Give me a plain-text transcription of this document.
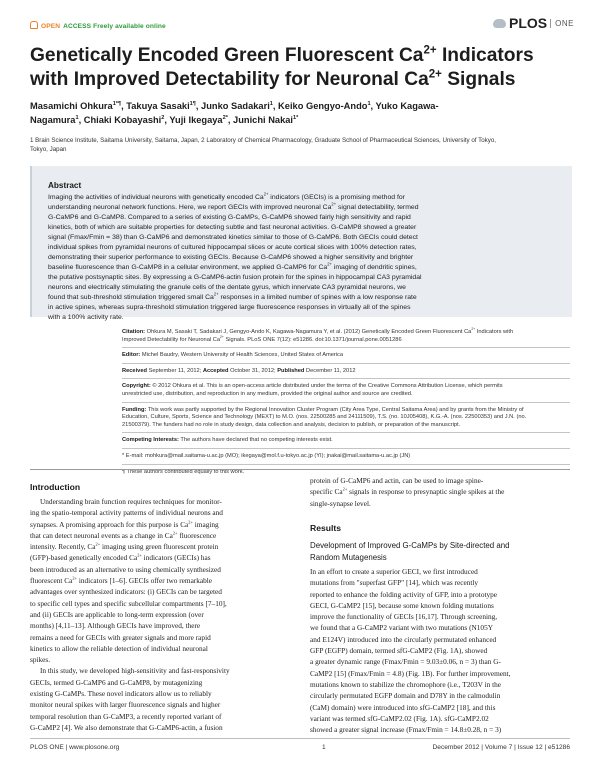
OPEN ACCESS Freely available online	PLOS	ONE
Genetically Encoded Green Fluorescent $Ca^{2+}$ Indicators
with Improved Detectability for Neuronal $Ca^{2+}$ Signals
Masamichi Ohkura$^{1*\P}$, Takuya Sasaki$^{1\P}$, Junko Sadakari$^1$, Keiko Gengyo-Ando$^1$, Yuko Kagawa-
Nagamura$^1$, Chiaki Kobayashi$^2$, Yuji Ikegaya$^{2*}$, Junichi Nakai$^{1*}$
1 Brain Science Institute, Saitama University, Saitama, Japan, 2 Laboratory of Chemical Pharmacology, Graduate School of Pharmaceutical Sciences, University of Tokyo,
Tokyo, Japan
Abstract
Imaging the activities of individual neurons with genetically encoded $Ca^{2+}$ indicators (GECIs) is a promising method for
understanding neuronal network functions. Here, we report GECIs with improved neuronal $Ca^{2+}$ signal detectability, termed
G-CaMP6 and G-CaMP8. Compared to a series of existing G-CaMPs, G-CaMP6 showed fairly high sensitivity and rapid
kinetics, both of which are suitable properties for detecting subtle and fast neuronal activities. G-CaMP8 showed a greater
signal (Fmax/Fmin = 38) than G-CaMP6 and demonstrated kinetics similar to those of G-CaMP6. Both GECIs could detect
individual spikes from pyramidal neurons of cultured hippocampal slices or acute cortical slices with 100% detection rates,
demonstrating their superior performance to existing GECIs. Because G-CaMP6 showed a higher sensitivity and brighter
baseline fluorescence than G-CaMP8 in a cellular environment, we applied G-CaMP6 for $Ca^{2+}$ imaging of dendritic spines,
the putative postsynaptic sites. By expressing a G-CaMP6-actin fusion protein for the spines in hippocampal CA3 pyramidal
neurons and electrically stimulating the granule cells of the dentate gyrus, which innervate CA3 pyramidal neurons, we
found that sub-threshold stimulation triggered small $Ca^{2+}$ responses in a limited number of spines with a low response rate
in active spines, whereas supra-threshold stimulation triggered large fluorescence responses in virtually all of the spines
with a 100% activity rate.
Citation: Ohkura M, Sasaki T, Sadakari J, Gengyo-Ando K, Kagawa-Nagamura Y, et al. (2012) Genetically Encoded Green Fluorescent $Ca^{2+}$ Indicators with
Improved Detectability for Neuronal $Ca^{2+}$ Signals. PLoS ONE 7(12): e51286. doi:10.1371/journal.pone.0051286
Editor: Michel Baudry, Western University of Health Sciences, United States of America
Received September 11, 2012; Accepted October 31, 2012; Published December 11, 2012
Copyright: © 2012 Ohkura et al. This is an open-access article distributed under the terms of the Creative Commons Attribution License, which permits
unrestricted use, distribution, and reproduction in any medium, provided the original author and source are credited.
Funding: This work was partly supported by the Regional Innovation Cluster Program (City Area Type, Central Saitama Area) and by grants from the Ministry of
Education, Culture, Sports, Science and Technology (MEXT) to M.O. (nos. 22500285 and 24111509), T.S. (no. 10J05408), K.G.-A. (nos. 22500353) and J.N. (no.
21500379). The funders had no role in study design, data collection and analysis, decision to publish, or preparation of the manuscript.
Competing Interests: The authors have declared that no competing interests exist.
* E-mail: mohkura@mail.saitama-u.ac.jp (MO); ikegaya@mol.f.u-tokyo.ac.jp (YI); jnakai@mail.saitama-u.ac.jp (JN)
¶ These authors contributed equally to this work.
Introduction
Understanding brain function requires techniques for monitor-
ing the spatio-temporal activity patterns of individual neurons and
synapses. A promising approach for this purpose is $Ca^{2+}$ imaging
that can detect neuronal events as a change in $Ca^{2+}$ fluorescence
intensity. Recently, $Ca^{2+}$ imaging using green fluorescent protein
(GFP)-based genetically encoded $Ca^{2+}$ indicators (GECIs) has
been introduced as an alternative to using chemically synthesized
fluorescent $Ca^{2+}$ indicators [1–6]. GECIs offer two remarkable
advantages over synthesized indicators: (i) GECIs can be targeted
to specific cell types and specific subcellular compartments [7–10],
and (ii) GECIs are applicable to long-term expression (over
months) [4,11–13]. Although GECIs have improved, there
remains a need for GECIs with greater signals and more rapid
kinetics to allow the reliable detection of individual neuronal
spikes.
In this study, we developed high-sensitivity and fast-responsivity
GECIs, termed G-CaMP6 and G-CaMP8, by mutagenizing
existing G-CaMPs. These novel indicators allow us to reliably
monitor neural spikes with larger fluorescence signals and higher
temporal resolution than G-CaMP3, a recently reported variant of
G-CaMP2 [4]. We also demonstrate that G-CaMP6-actin, a fusion
protein of G-CaMP6 and actin, can be used to image spine-
specific $Ca^{2+}$ signals in response to presynaptic single spikes at the
single-synapse level.
Results
Development of Improved G-CaMPs by Site-directed and
Random Mutagenesis
In an effort to create a superior GECI, we first introduced
mutations from "superfast GFP" [14], which was recently
reported to enhance the folding activity of GFP, into a prototype
GECI, G-CaMP2 [15], because some known folding mutations
improve the functionality of GECIs [16,17]. Through screening,
we found that a G-CaMP2 variant with two mutations (N105Y
and E124V) introduced into the circularly permutated enhanced
GFP (EGFP) domain, termed sfG-CaMP2 (Fig. 1A), showed
a greater dynamic range (Fmax/Fmin = 9.03±0.06, n = 3) than G-
CaMP2 [15] (Fmax/Fmin = 4.8) (Fig. 1B). For further improvement,
mutations known to stabilize the chromophore (i.e., T203V in the
circularly permutated EGFP domain and D78Y in the calmodulin
(CaM) domain) were introduced into sfG-CaMP2 [18], and this
variant was termed sfG-CaMP2.02 (Fig. 1A). sfG-CaMP2.02
showed a greater signal increase (Fmax/Fmin = 14.8±0.28, n = 3)
PLOS ONE | www.plosone.org	1	December 2012 | Volume 7 | Issue 12 | e51286
